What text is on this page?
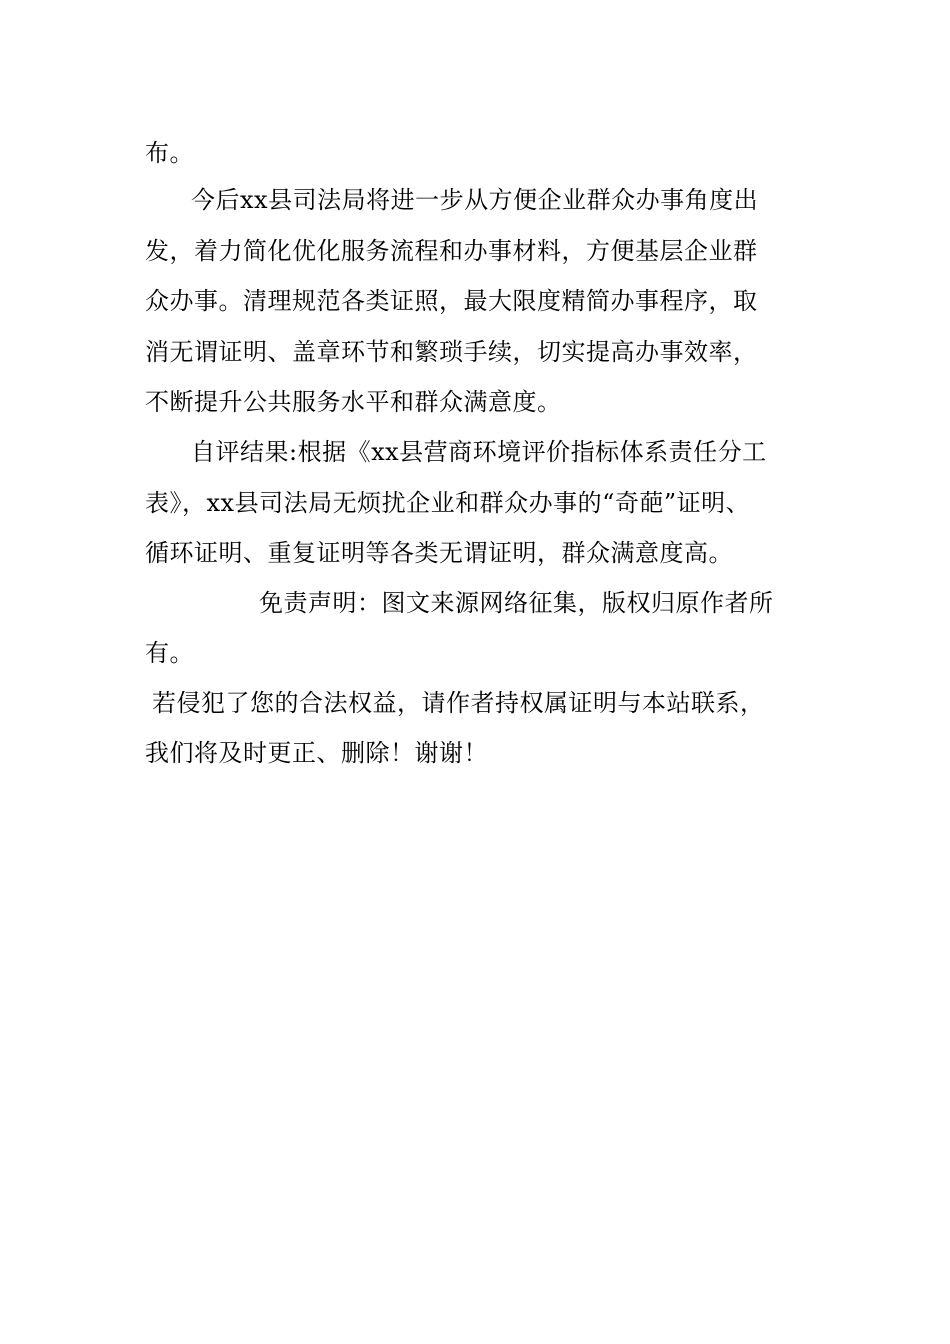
布。
今后xx县司法局将进一步从方便企业群众办事角度出
发，着力简化优化服务流程和办事材料，方便基层企业群
众办事。清理规范各类证照，最大限度精简办事程序，取
消无谓证明、盖章环节和繁琐手续，切实提高办事效率，
不断提升公共服务水平和群众满意度。
自评结果:根据《xx县营商环境评价指标体系责任分工
表》，xx县司法局无烦扰企业和群众办事的“奇葩”证明、
循环证明、重复证明等各类无谓证明，群众满意度高。
免责声明：图文来源网络征集，版权归原作者所
有。
若侵犯了您的合法权益，请作者持权属证明与本站联系，
我们将及时更正、删除！谢谢！
